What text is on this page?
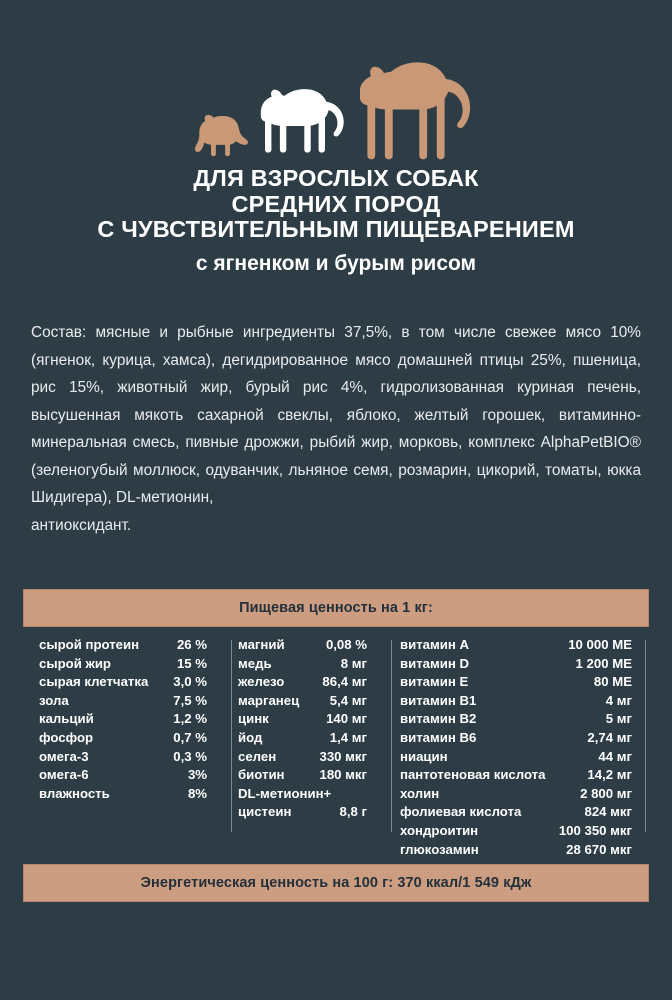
ДЛЯ ВЗРОСЛЫХ СОБАК
СРЕДНИХ ПОРОД
С ЧУВСТВИТЕЛЬНЫМ ПИЩЕВАРЕНИЕМ
с ягненком и бурым рисом
Состав: мясные и рыбные ингредиенты 37,5%, в том числе свежее мясо 10% (ягненок, курица, хамса), дегидрированное мясо домашней птицы 25%, пшеница, рис 15%, животный жир, бурый рис 4%, гидролизованная куриная печень, высушенная мякоть сахарной свеклы, яблоко, желтый горошек, витаминно-минеральная смесь, пивные дрожжи, рыбий жир, морковь, комплекс AlphaPetBIO® (зеленогубый моллюск, одуванчик, льняное семя, розмарин, цикорий, томаты, юкка Шидигера), DL-метионин,
антиоксидант.
Пищевая ценность на 1 кг:
сырой протеин	26 %
сырой жир	15 %
сырая клетчатка	3,0 %
зола	7,5 %
кальций	1,2 %
фосфор	0,7 %
омега-3	0,3 %
омега-6	3%
влажность	8%
магний	0,08 %
медь	8 мг
железо	86,4 мг
марганец	5,4 мг
цинк	140 мг
йод	1,4 мг
селен	330 мкг
биотин	180 мкг
DL-метионин+
цистеин	8,8 г
витамин A	10 000 МЕ
витамин D	1 200 МЕ
витамин E	80 МЕ
витамин B1	4 мг
витамин B2	5 мг
витамин B6	2,74 мг
ниацин	44 мг
пантотеновая кислота	14,2 мг
холин	2 800 мг
фолиевая кислота	824 мкг
хондроитин	100 350 мкг
глюкозамин	28 670 мкг
Энергетическая ценность на 100 г: 370 ккал/1 549 кДж
